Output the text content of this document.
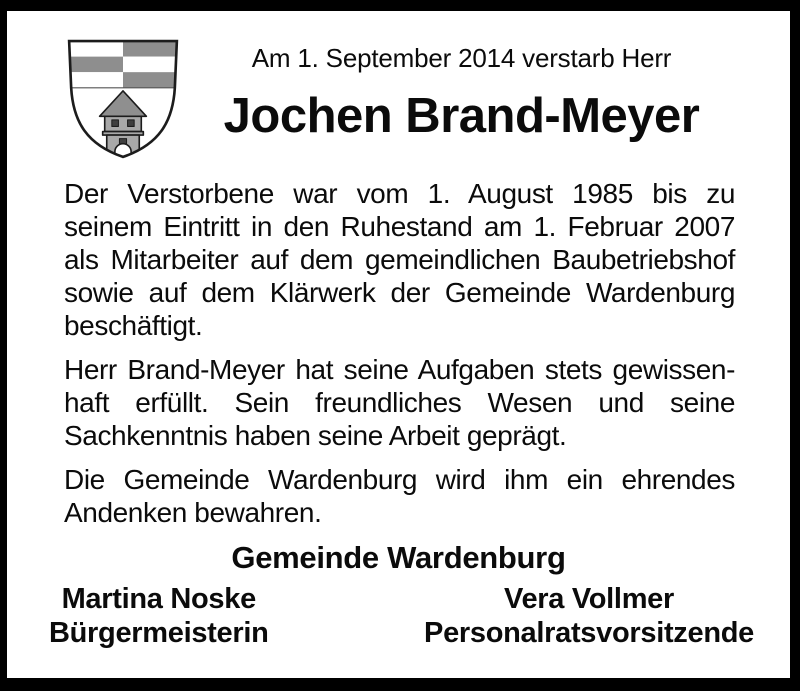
Am 1. September 2014 verstarb Herr
Jochen Brand-Meyer
Der Verstorbene war vom 1. August 1985 bis zu
seinem Eintritt in den Ruhestand am 1. Februar 2007
als Mitarbeiter auf dem gemeindlichen Baubetriebshof
sowie auf dem Klärwerk der Gemeinde Wardenburg
beschäftigt.
Herr Brand-Meyer hat seine Aufgaben stets gewissen-
haft erfüllt. Sein freundliches Wesen und seine
Sachkenntnis haben seine Arbeit geprägt.
Die Gemeinde Wardenburg wird ihm ein ehrendes
Andenken bewahren.
Gemeinde Wardenburg
Martina Noske
Bürgermeisterin
Vera Vollmer
Personalratsvorsitzende
